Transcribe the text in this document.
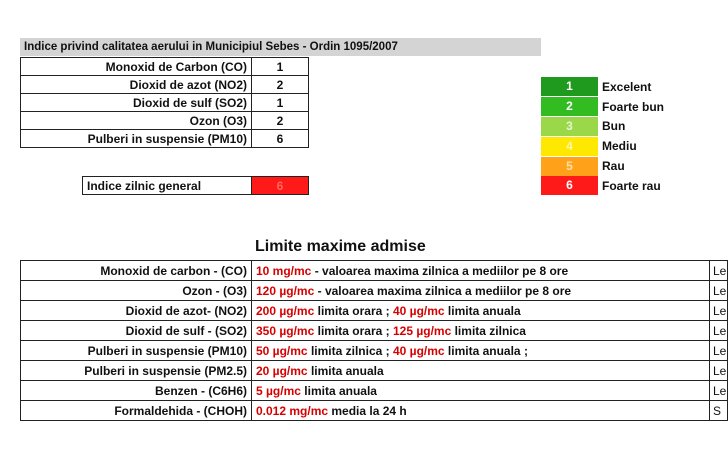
Indice privind calitatea aerului in Municipiul Sebes - Ordin 1095/2007
Monoxid de Carbon (CO)	1
Dioxid de azot (NO2)	2
Dioxid de sulf (SO2)	1
Ozon (O3)	2
Pulberi in suspensie (PM10)	6
Indice zilnic general	6
1	Excelent
2	Foarte bun
3	Bun
4	Mediu
5	Rau
6	Foarte rau
Limite maxime admise
Monoxid de carbon - (CO)	10 mg/mc - valoarea maxima zilnica a mediilor pe 8 ore	Le
Ozon - (O3)	120 µg/mc - valoarea maxima zilnica a mediilor pe 8 ore	Le
Dioxid de azot- (NO2)	200 µg/mc limita orara ; 40 µg/mc limita anuala	Le
Dioxid de sulf - (SO2)	350 µg/mc limita orara ; 125 µg/mc limita zilnica	Le
Pulberi in suspensie (PM10)	50 µg/mc limita zilnica ; 40 µg/mc limita anuala ;	Le
Pulberi in suspensie (PM2.5)	20 µg/mc limita anuala	Le
Benzen - (C6H6)	5 µg/mc limita anuala	Le
Formaldehida - (CHOH)	0.012 mg/mc media la 24 h	S
